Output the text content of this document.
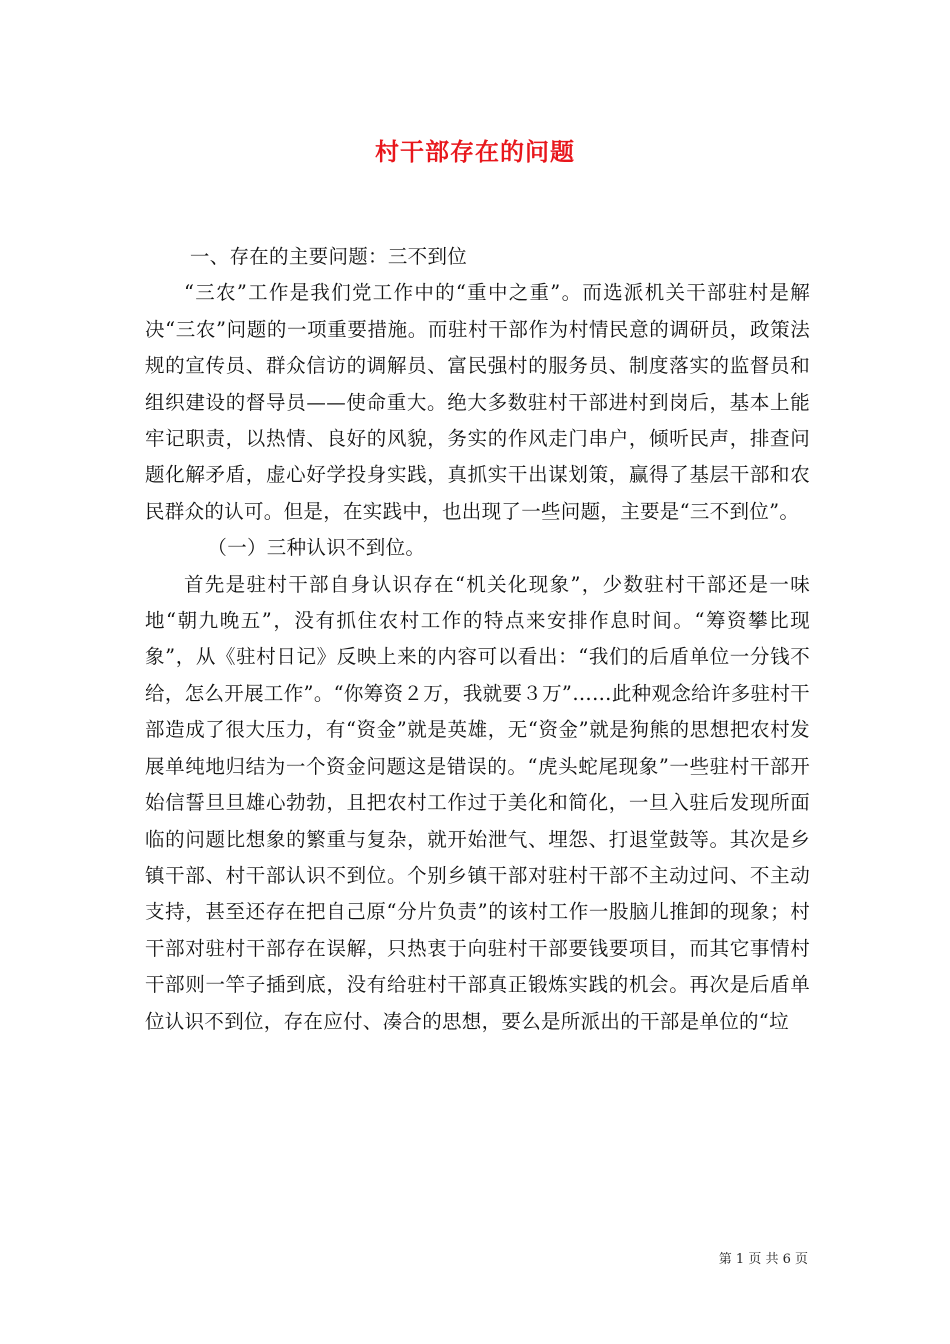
村干部存在的问题

一、存在的主要问题：三不到位

“三农”工作是我们党工作中的“重中之重”。而选派机关干部驻村是解决“三农”问题的一项重要措施。而驻村干部作为村情民意的调研员，政策法规的宣传员、群众信访的调解员、富民强村的服务员、制度落实的监督员和组织建设的督导员——使命重大。绝大多数驻村干部进村到岗后，基本上能牢记职责，以热情、良好的风貌，务实的作风走门串户，倾听民声，排查问题化解矛盾，虚心好学投身实践，真抓实干出谋划策，赢得了基层干部和农民群众的认可。但是，在实践中，也出现了一些问题，主要是“三不到位”。

（一）三种认识不到位。

首先是驻村干部自身认识存在“机关化现象”，少数驻村干部还是一味地“朝九晚五”，没有抓住农村工作的特点来安排作息时间。“筹资攀比现象”，从《驻村日记》反映上来的内容可以看出：“我们的后盾单位一分钱不给，怎么开展工作”。“你筹资２万，我就要３万”……此种观念给许多驻村干部造成了很大压力，有“资金”就是英雄，无“资金”就是狗熊的思想把农村发展单纯地归结为一个资金问题这是错误的。“虎头蛇尾现象”一些驻村干部开始信誓旦旦雄心勃勃，且把农村工作过于美化和简化，一旦入驻后发现所面临的问题比想象的繁重与复杂，就开始泄气、埋怨、打退堂鼓等。其次是乡镇干部、村干部认识不到位。个别乡镇干部对驻村干部不主动过问、不主动支持，甚至还存在把自己原“分片负责”的该村工作一股脑儿推卸的现象；村干部对驻村干部存在误解，只热衷于向驻村干部要钱要项目，而其它事情村干部则一竿子插到底，没有给驻村干部真正锻炼实践的机会。再次是后盾单位认识不到位，存在应付、凑合的思想，要么是所派出的干部是单位的“垃

第 1 页 共 6 页
